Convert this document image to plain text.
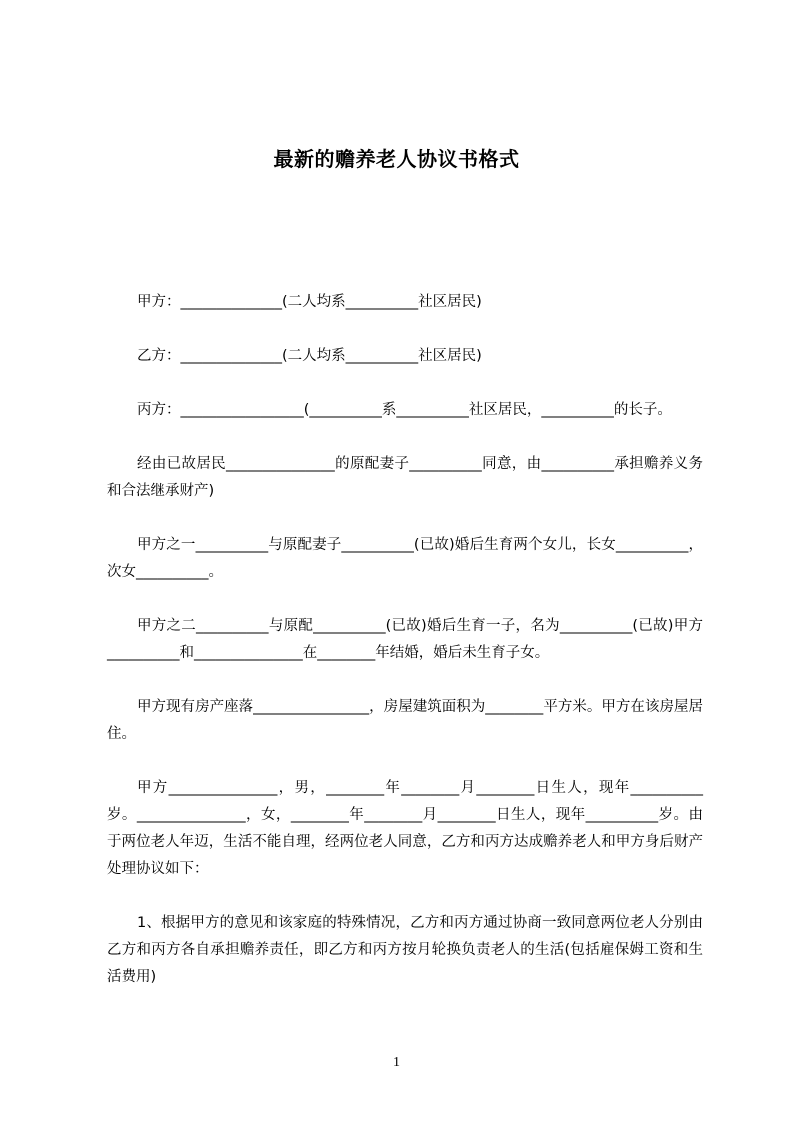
最新的赡养老人协议书格式

甲方：______________(二人均系__________社区居民)

乙方：______________(二人均系__________社区居民)

丙方：_________________(__________系__________社区居民，__________的长子。

经由已故居民_______________的原配妻子__________同意，由__________承担赡养义务和合法继承财产)

甲方之一__________与原配妻子__________(已故)婚后生育两个女儿，长女__________，次女__________。

甲方之二__________与原配__________(已故)婚后生育一子，名为__________(已故)甲方__________和_______________在________年结婚，婚后未生育子女。

甲方现有房产座落________________，房屋建筑面积为________平方米。甲方在该房屋居住。

甲方_______________，男，________年________月________日生人，现年__________岁。_______________，女，________年________月________日生人，现年__________岁。由于两位老人年迈，生活不能自理，经两位老人同意，乙方和丙方达成赡养老人和甲方身后财产处理协议如下：

1、根据甲方的意见和该家庭的特殊情况，乙方和丙方通过协商一致同意两位老人分别由乙方和丙方各自承担赡养责任，即乙方和丙方按月轮换负责老人的生活(包括雇保姆工资和生活费用)

1
